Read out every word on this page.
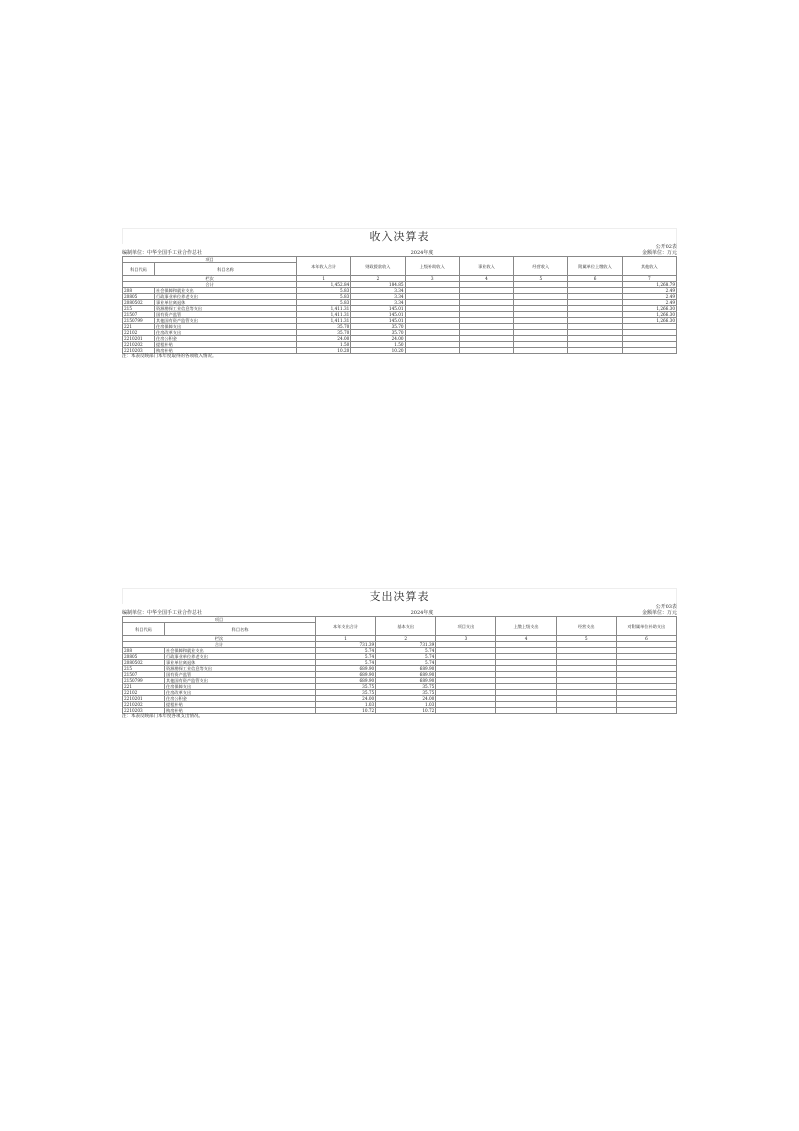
收入决算表
公开02表
编制单位：中华全国手工业合作总社	2024年度	金额单位：万元
项目		本年收入合计	财政拨款收入	上级补助收入	事业收入	经营收入	附属单位上缴收入	其他收入
科目代码	科目名称							
栏次		1	2	3	4	5	6	7
合计		1,452.84	184.85					1,268.79
208	社会保障和就业支出	5.83	3.34					2.49
20805	行政事业单位养老支出	5.83	3.34					2.49
2080502	事业单位离退休	5.83	3.34					2.49
215	资源勘探工业信息等支出	1,411.31	145.01					1,266.30
21507	国有资产监管	1,411.31	145.01					1,266.30
2150799	其他国有资产监管支出	1,411.31	145.01					1,266.30
221	住房保障支出	35.70	35.70					
22102	住房改革支出	35.70	35.70					
2210201	住房公积金	24.00	24.00					
2210202	提租补贴	1.50	1.50					
2210203	购房补贴	10.20	10.20					
注：本表反映部门本年度取得的各项收入情况。
支出决算表
公开03表
编制单位：中华全国手工业合作总社	2024年度	金额单位：万元
项目		本年支出合计	基本支出	项目支出	上缴上级支出	经营支出	对附属单位补助支出
科目代码	科目名称						
栏次		1	2	3	4	5	6
合计		731.39	731.39				
208	社会保障和就业支出	5.74	5.74				
20805	行政事业单位养老支出	5.74	5.74				
2080502	事业单位离退休	5.74	5.74				
215	资源勘探工业信息等支出	689.90	689.90				
21507	国有资产监管	689.90	689.90				
2150799	其他国有资产监管支出	689.90	689.90				
221	住房保障支出	35.75	35.75				
22102	住房改革支出	35.75	35.75				
2210201	住房公积金	24.00	24.00				
2210202	提租补贴	1.03	1.03				
2210203	购房补贴	10.72	10.72				
注：本表反映部门本年度各项支出情况。
